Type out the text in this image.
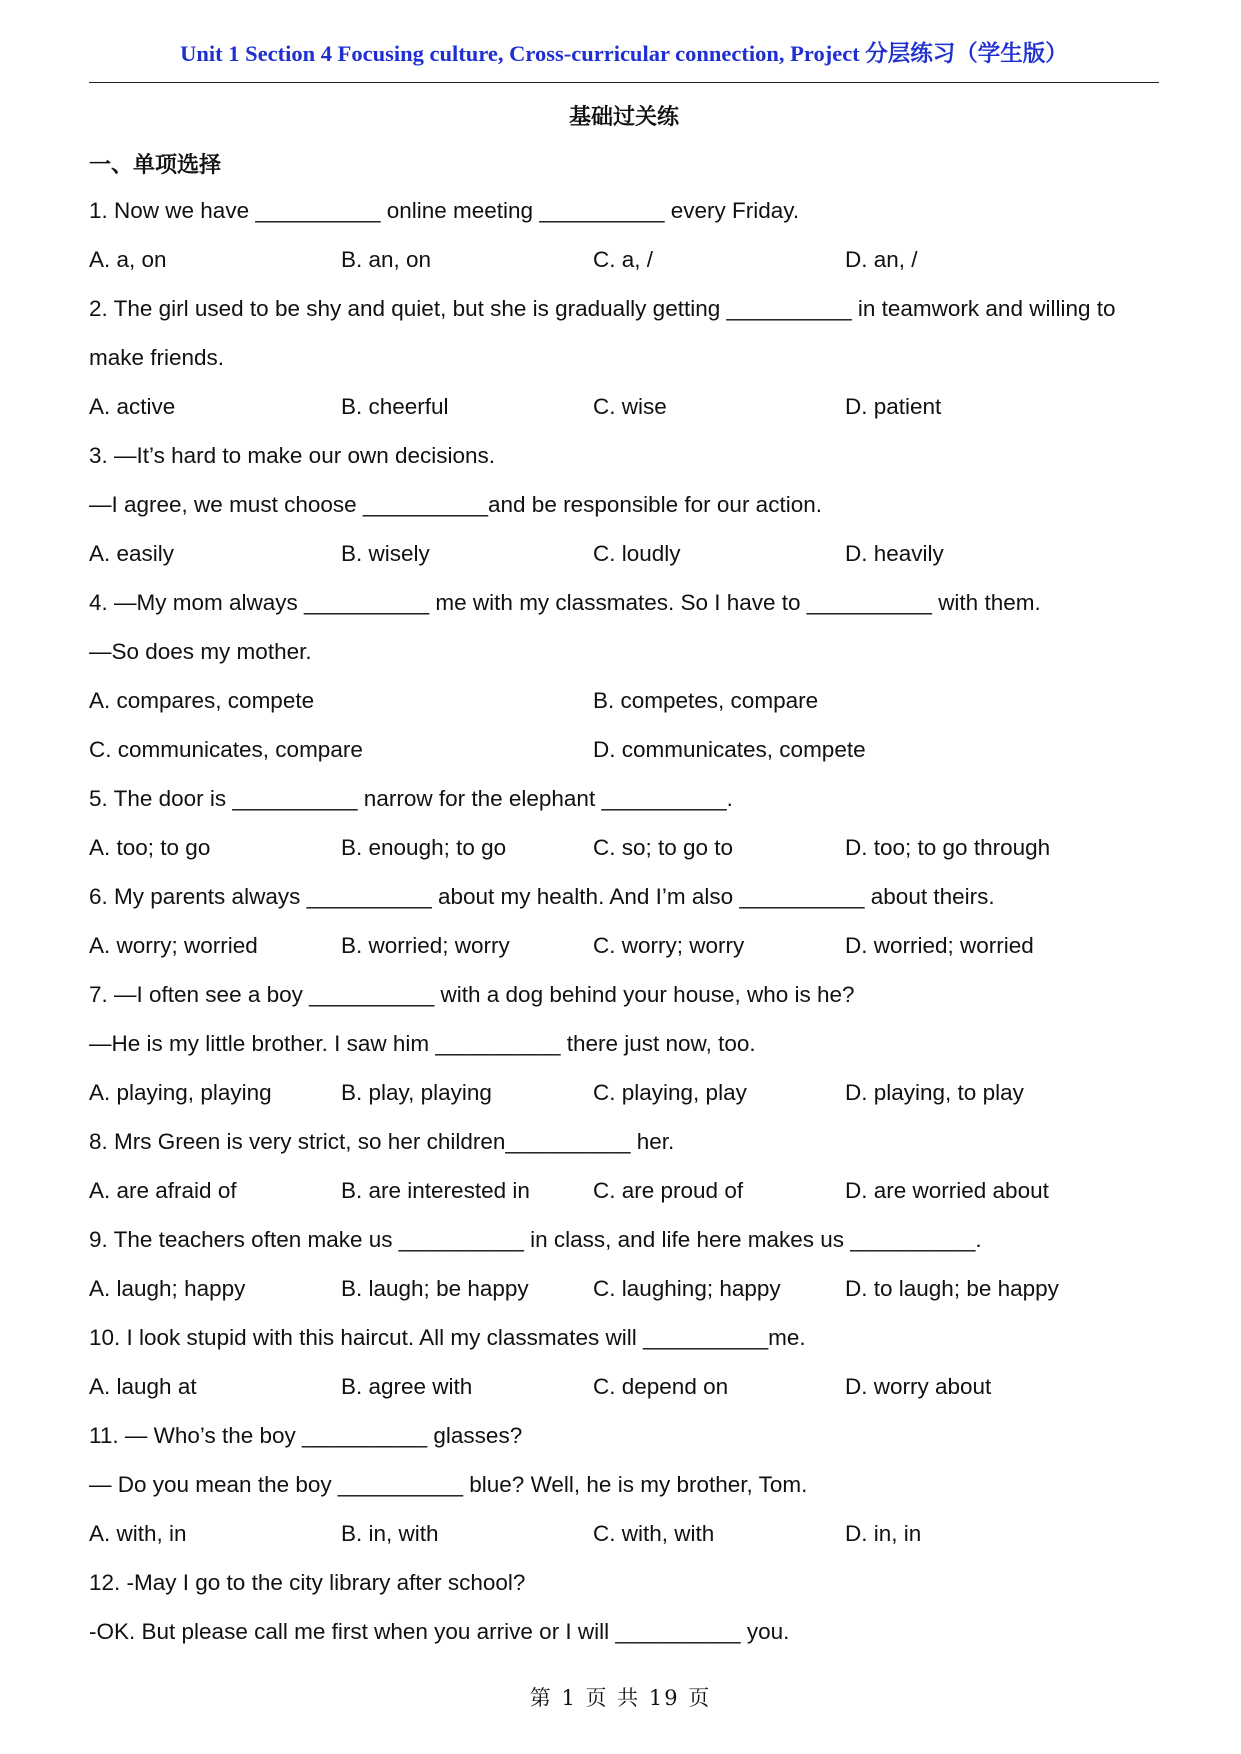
Unit 1 Section 4 Focusing culture, Cross-curricular connection, Project 分层练习（学生版）
基础过关练
一、单项选择
1. Now we have __________ online meeting __________ every Friday.
A. a, on	B. an, on	C. a, /	D. an, /
2. The girl used to be shy and quiet, but she is gradually getting __________ in teamwork and willing to
make friends.
A. active	B. cheerful	C. wise	D. patient
3. —It’s hard to make our own decisions.
—I agree, we must choose __________and be responsible for our action.
A. easily	B. wisely	C. loudly	D. heavily
4. —My mom always __________ me with my classmates. So I have to __________ with them.
—So does my mother.
A. compares, compete	B. competes, compare
C. communicates, compare	D. communicates, compete
5. The door is __________ narrow for the elephant __________.
A. too; to go	B. enough; to go	C. so; to go to	D. too; to go through
6. My parents always __________ about my health. And I’m also __________ about theirs.
A. worry; worried	B. worried; worry	C. worry; worry	D. worried; worried
7. —I often see a boy __________ with a dog behind your house, who is he?
—He is my little brother. I saw him __________ there just now, too.
A. playing, playing	B. play, playing	C. playing, play	D. playing, to play
8. Mrs Green is very strict, so her children__________ her.
A. are afraid of	B. are interested in	C. are proud of	D. are worried about
9. The teachers often make us __________ in class, and life here makes us __________.
A. laugh; happy	B. laugh; be happy	C. laughing; happy	D. to laugh; be happy
10. I look stupid with this haircut. All my classmates will __________me.
A. laugh at	B. agree with	C. depend on	D. worry about
11. — Who’s the boy __________ glasses?
— Do you mean the boy __________ blue? Well, he is my brother, Tom.
A. with, in	B. in, with	C. with, with	D. in, in
12. -May I go to the city library after school?
-OK. But please call me first when you arrive or I will __________ you.
第 1 页 共 19 页
